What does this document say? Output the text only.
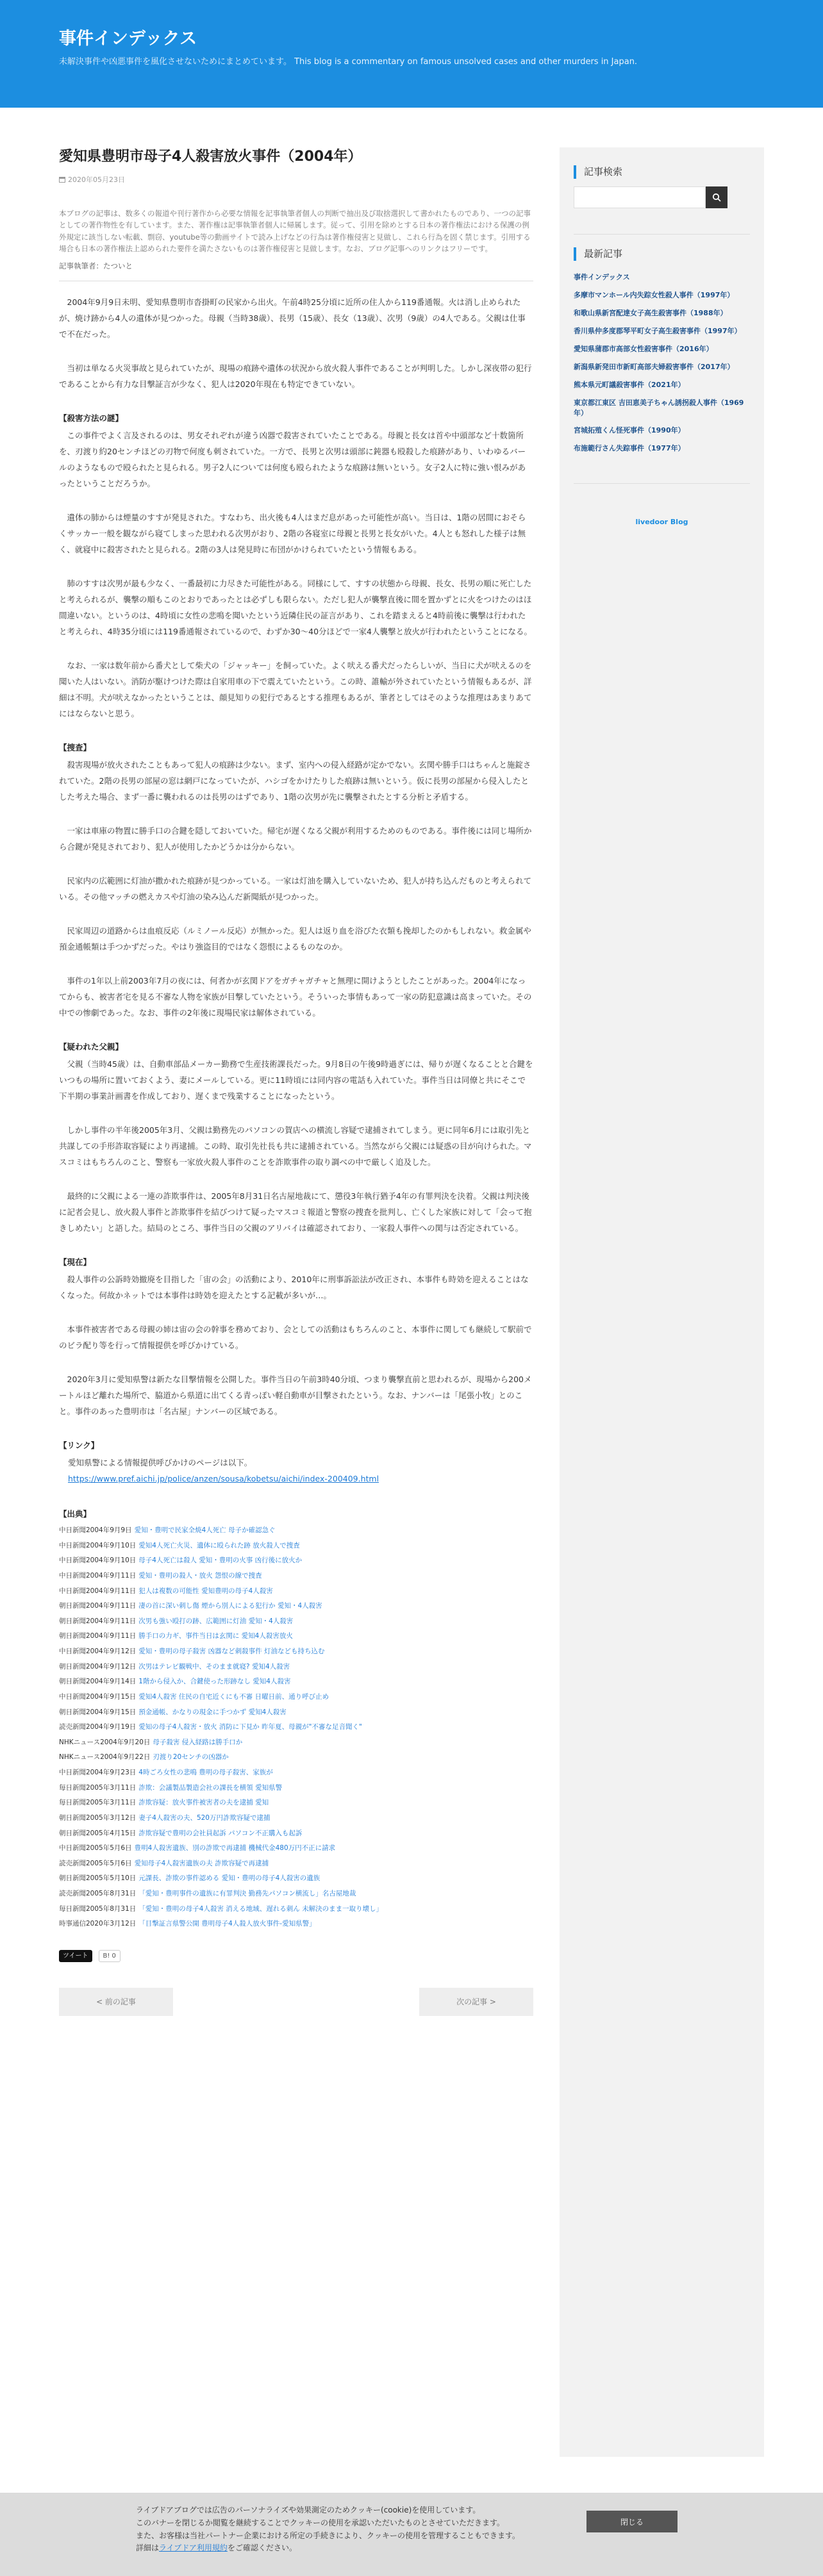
事件インデックス
未解決事件や凶悪事件を風化させないためにまとめています。 This blog is a commentary on famous unsolved cases and other murders in Japan.
愛知県豊明市母子4人殺害放火事件（2004年）
2020年05月23日

本ブログの記事は、数多くの報道や刊行著作から必要な情報を記事執筆者個人の判断で抽出及び取捨選択して書かれたものであり、一つの記事としての著作物性を有しています。また、著作権は記事執筆者個人に帰属します。従って、引用を除めとする日本の著作権法における保護の例外規定に該当しない転載、剽窃、youtube等の動画サイトで読み上げなどの行為は著作権侵害と見做し、これら行為を固く禁じます。引用する場合も日本の著作権法上認められた要件を満たさないものは著作権侵害と見做します。なお、ブログ記事へのリンクはフリーです。

記事執筆者：たついと

2004年9月9日未明、愛知県豊明市沓掛町の民家から出火。午前4時25分頃に近所の住人から119番通報。火は消し止められたが、焼け跡から4人の遺体が見つかった。母親（当時38歳）、長男（15歳）、長女（13歳）、次男（9歳）の4人である。父親は仕事で不在だった。

当初は単なる火災事故と見られていたが、現場の痕跡や遺体の状況から放火殺人事件であることが判明した。しかし深夜帯の犯行であることから有力な目撃証言が少なく、犯人は2020年現在も特定できていない。

【殺害方法の謎】

この事件でよく言及されるのは、男女それぞれが違う凶器で殺害されていたことである。母親と長女は首や中頭部など十数箇所を、刃渡り約20センチほどの刃物で何度も刺されていた。一方で、長男と次男は頭部に鈍器も殴殺した痕跡があり、いわゆるバールのようなもので殴られたと見られる。男子2人については何度も殴られたような痕跡は無いという。女子2人に特に強い恨みがあったということだろうか。

遺体の肺からは煙量のすすが発見された。すなわち、出火後も4人はまだ息があった可能性が高い。当日は、1階の居間におそらくサッカー一般を観ながら寝てしまった思われる次男がおり、2階の各寝室に母親と長男と長女がいた。4人とも怒れした様子は無く、就寝中に殺害されたと見られる。2階の3人は発見時に布団がかけられていたという情報もある。

肺のすすは次男が最も少なく、一番最初に力尽きた可能性がある。同様にして、すすの状態から母親、長女、長男の順に死亡したと考えられるが、襲撃の順もこのとおりであったとは必ずしも限らない。ただし犯人が襲撃直後に間を置かずとに火をつけたのはほ間違いない。というのは、4時頃に女性の悲鳴を聞いたという近隣住民の証言があり、これを踏まえると4時前後に襲撃は行われたと考えられ、4時35分頃には119番通報されているので、わずか30〜40分ほどで一家4人襲撃と放火が行われたということになる。

なお、一家は数年前から番犬として柴犬の「ジャッキー」を飼っていた。よく吠える番犬だったらしいが、当日に犬が吠えるのを聞いた人はいない。消防が駆けつけた際は自家用車の下で震えていたという。この時、誰輸が外されていたという情報もあるが、詳細は不明。犬が吠えなかったということは、顔見知りの犯行であるとする推理もあるが、筆者としてはそのような推理はあまりあてにはならないと思う。

【捜査】

殺害現場が放火されたこともあって犯人の痕跡は少ない。まず、室内への侵入経路が定かでない。玄関や勝手口はちゃんと施錠されていた。2階の長男の部屋の窓は網戸になっていたが、ハシゴをかけたりした痕跡は無いという。仮に長男の部屋から侵入したとした考えた場合、まず一番に襲われるのは長男のはずであり、1階の次男が先に襲撃されたとする分析と矛盾する。

一家は車庫の物置に勝手口の合鍵を隠しておいていた。帰宅が遅くなる父親が利用するためのものである。事件後には同じ場所から合鍵が発見されており、犯人が使用したかどうかは分からない。

民家内の広範囲に灯油が撒かれた痕跡が見つかっている。一家は灯油を購入していないため、犯人が持ち込んだものと考えられている。その他マッチの燃えカスや灯油の染み込んだ新聞紙が見つかった。

民家周辺の道路からは血痕反応（ルミノール反応）が無かった。犯人は返り血を浴びた衣類も挽却したのかもしれない。救金属や預金通帳類は手つかずだった。やはり強盗目的ではなく怨恨によるものなのか。

事件の1年以上前2003年7月の夜には、何者かが玄関ドアをガチャガチャと無理に開けようとしたことがあった。2004年になってからも、被害者宅を見る不審な人物を家族が目撃していたという。そういった事情もあって一家の防犯意識は高まっていた。その中での惨劇であった。なお、事件の2年後に現場民家は解体されている。

【疑われた父親】

父親（当時45歳）は、自動車部品メーカー勤務で生産技術課長だった。9月8日の午後9時過ぎには、帰りが遅くなることと合鍵をいつもの場所に置いておくよう、妻にメールしている。更に11時頃には同内容の電話も入れていた。事件当日は同僚と共にそこで下半期の事業計画書を作成しており、遅くまで残業することになったという。

しかし事件の半年後2005年3月、父親は勤務先のパソコンの賀店への横流し容疑で逮捕されてしまう。更に同年6月には取引先と共謀しての手形詐取容疑により再逮捕。この時、取引先社長も共に逮捕されている。当然ながら父親には疑惑の目が向けられた。マスコミはもちろんのこと、警察も一家放火殺人事件のことを詐欺事件の取り調べの中で厳しく追及した。

最終的に父親による一連の詐欺事件は、2005年8月31日名古屋地裁にて、懲役3年執行猶予4年の有罪判決を決着。父親は判決後に記者会見し、放火殺人事件と詐欺事件を結びつけて疑ったマスコミ報道と警察の捜査を批判し、亡くした家族に対して「会って抱きしめたい」と語した。結局のところ、事件当日の父親のアリバイは確認されており、一家殺人事件への関与は否定されている。

【現在】

殺人事件の公訴時効撤廃を目指した「宙の会」の活動により、2010年に刑事訴訟法が改正され、本事件も時効を迎えることはなくなった。何故かネットでは本事件は時効を迎えたとする記載が多いが…。

本事件被害者である母親の姉は宙の会の幹事を務めており、会としての活動はもちろんのこと、本事件に関しても継続して駅前でのビラ配り等を行って情報提供を呼びかけている。

2020年3月に愛知県警は新たな目撃情報を公開した。事件当日の午前3時40分頃、つまり襲撃直前と思われるが、現場から200メートルほど離れた場所で、脇道から県道に出てくる青っぽい軽自動車が目撃されたという。なお、ナンバーは「尾張小牧」とのこと。事件のあった豊明市は「名古屋」ナンバーの区域である。

【リンク】
愛知県警による情報提供呼びかけのページは以下。
https://www.pref.aichi.jp/police/anzen/sousa/kobetsu/aichi/index-200409.html
【出典】
中日新聞2004年9月9日 愛知・豊明で民家全焼4人死亡 母子か確認急ぐ
中日新聞2004年9月10日 愛知4人死亡火災、遺体に殴られた跡 放火殺人で捜査
中日新聞2004年9月10日 母子4人死亡は殺人 愛知・豊明の火事 凶行後に放火か
中日新聞2004年9月11日 愛知・豊明の殺人・放火 怨恨の線で捜査
中日新聞2004年9月11日 犯人は複数の可能性 愛知豊明の母子4人殺害
朝日新聞2004年9月11日 凄の首に深い刺し傷 煙から別人による犯行か 愛知・4人殺害
朝日新聞2004年9月11日 次男も強い殴打の跡、広範囲に灯油 愛知・4人殺害
朝日新聞2004年9月11日 勝手口の力ギ、事件当日は玄関に 愛知4人殺害放火
中日新聞2004年9月12日 愛知・豊明の母子殺害 凶器など刺殺事件 灯油なども持ち込む
朝日新聞2004年9月12日 次男はテレビ観戦中、そのまま就寝? 愛知4人殺害
朝日新聞2004年9月14日 1階から侵入か、合鍵使った形跡なし 愛知4人殺害
中日新聞2004年9月15日 愛知4人殺害 住民の自宅近くにも不審 日曜日前、通り呼び止め
朝日新聞2004年9月15日 預金通帳、かなりの現金に手つかず 愛知4人殺害
読売新聞2004年9月19日 愛知の母子4人殺害・放火 消防に下見か 昨年夏、母親が"不審な足音聞く"
NHKニュース2004年9月20日 母子殺害 侵入経路は勝手口か
NHKニュース2004年9月22日 刃渡り20センチの凶器か
中日新聞2004年9月23日 4時ごろ女性の悲鳴 豊明の母子殺害、家族が
毎日新聞2005年3月11日 詐欺：会議製品製造会社の課長を横領 愛知県警
毎日新聞2005年3月11日 詐欺容疑：放火事件被害者の夫を逮捕 愛知
朝日新聞2005年3月12日 妻子4人殺害の夫、520万円詐欺容疑で逮捕
朝日新聞2005年4月15日 詐欺容疑で豊明の会社員起訴 パソコン不正購入も起訴
中日新聞2005年5月6日 豊明4人殺害遺族、別の詐欺で再逮捕 機械代金480万円不正に請求
読売新聞2005年5月6日 愛知母子4人殺害遺族の夫 詐欺容疑で再逮捕
朝日新聞2005年5月10日 元課長、詐欺の事件認める 愛知・豊明の母子4人殺害の遺族
読売新聞2005年8月31日 「愛知・豊明事件の遺族に有罪判決 勤務先パソコン横流し」名古屋地裁
毎日新聞2005年8月31日 「愛知・豊明の母子4人殺害 消える地域、遅れる刺ん 未解決のまま一取り壊し」
時事通信2020年3月12日 「目撃証言県警公開 豊明母子4人殺人放火事件-愛知県警」
ツイート	B! 0
< 前の記事	次の記事 >
記事検索
最新記事
事件インデックス
多摩市マンホール内失踪女性殺人事件（1997年）
和歌山県新宮配達女子高生殺害事件（1988年）
香川県仲多度郡琴平町女子高生殺害事件（1997年）
愛知県蒲郡市高部女性殺害事件（2016年）
新潟県新発田市新町高部夫婦殺害事件（2017年）
熊本県元町議殺害事件（2021年）
東京都江東区 吉田恵美子ちゃん誘拐殺人事件（1969年）
宮城拓殖くん怪死事件（1990年）
布施範行さん失踪事件（1977年）
livedoor Blog
ライブドアブログでは広告のパーソナライズや効果測定のためクッキー(cookie)を使用しています。
このバナーを閉じるか閲覧を継続することでクッキーの使用を承認いただいたものとさせていただきます。
また、お客様は当社パートナー企業における所定の手続きにより、クッキーの使用を管理することもできます。
詳細はライブドア利用規約をご確認ください。
閉じる
